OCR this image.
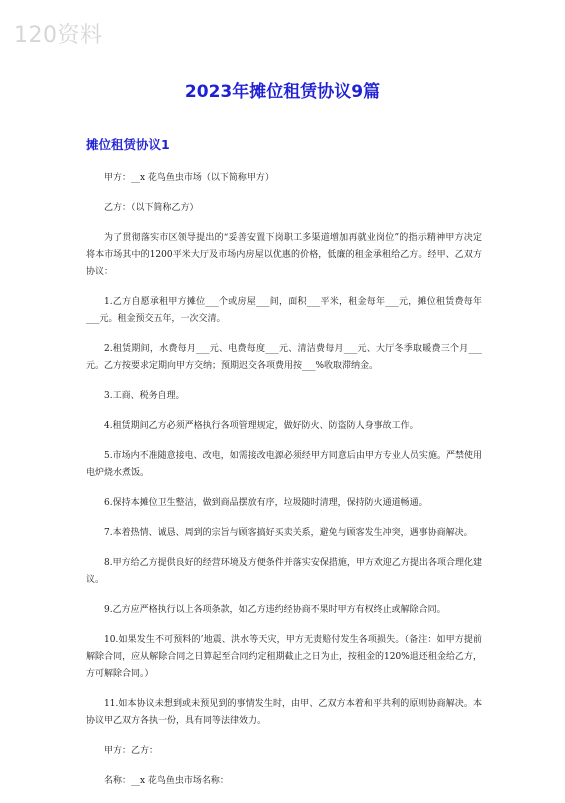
120资料
2023年摊位租赁协议9篇
摊位租赁协议1

甲方：__x 花鸟鱼虫市场（以下简称甲方）

乙方：（以下简称乙方）

为了贯彻落实市区领导提出的“妥善安置下岗职工多渠道增加再就业岗位”的指示精神甲方决定将本市场其中的1200平米大厅及市场内房屋以优惠的价格，低廉的租金承租给乙方。经甲、乙双方协议：

1.乙方自愿承租甲方摊位___个或房屋___间，面积___平米，租金每年___元，摊位租赁费每年___元。租金预交五年，一次交清。

2.租赁期间，水费每月___元、电费每度___元、清洁费每月___元、大厅冬季取暖费三个月___元。乙方按要求定期向甲方交纳；预期迟交各项费用按___%收取滞纳金。

3.工商、税务自理。

4.租赁期间乙方必须严格执行各项管理规定，做好防火、防盗防人身事故工作。

5.市场内不准随意接电、改电，如需接改电源必须经甲方同意后由甲方专业人员实施。严禁使用电炉烧水煮饭。

6.保持本摊位卫生整洁，做到商品摆放有序，垃圾随时清理，保持防火通道畅通。

7.本着热情、诚恳、周到的宗旨与顾客搞好买卖关系，避免与顾客发生冲突，遇事协商解决。

8.甲方给乙方提供良好的经营环境及方便条件并落实安保措施，甲方欢迎乙方提出各项合理化建议。

9.乙方应严格执行以上各项条款，如乙方违约经协商不果时甲方有权终止或解除合同。

10.如果发生不可预料的’地震、洪水等天灾，甲方无责赔付发生各项损失。（备注：如甲方提前解除合同，应从解除合同之日算起至合同约定租期截止之日为止，按租金的120%退还租金给乙方，方可解除合同。）

11.如本协议未想到或未预见到的事情发生时，由甲、乙双方本着和平共利的原则协商解决。本协议甲乙双方各执一份，具有同等法律效力。

甲方：乙方：

名称：__x 花鸟鱼虫市场名称：
